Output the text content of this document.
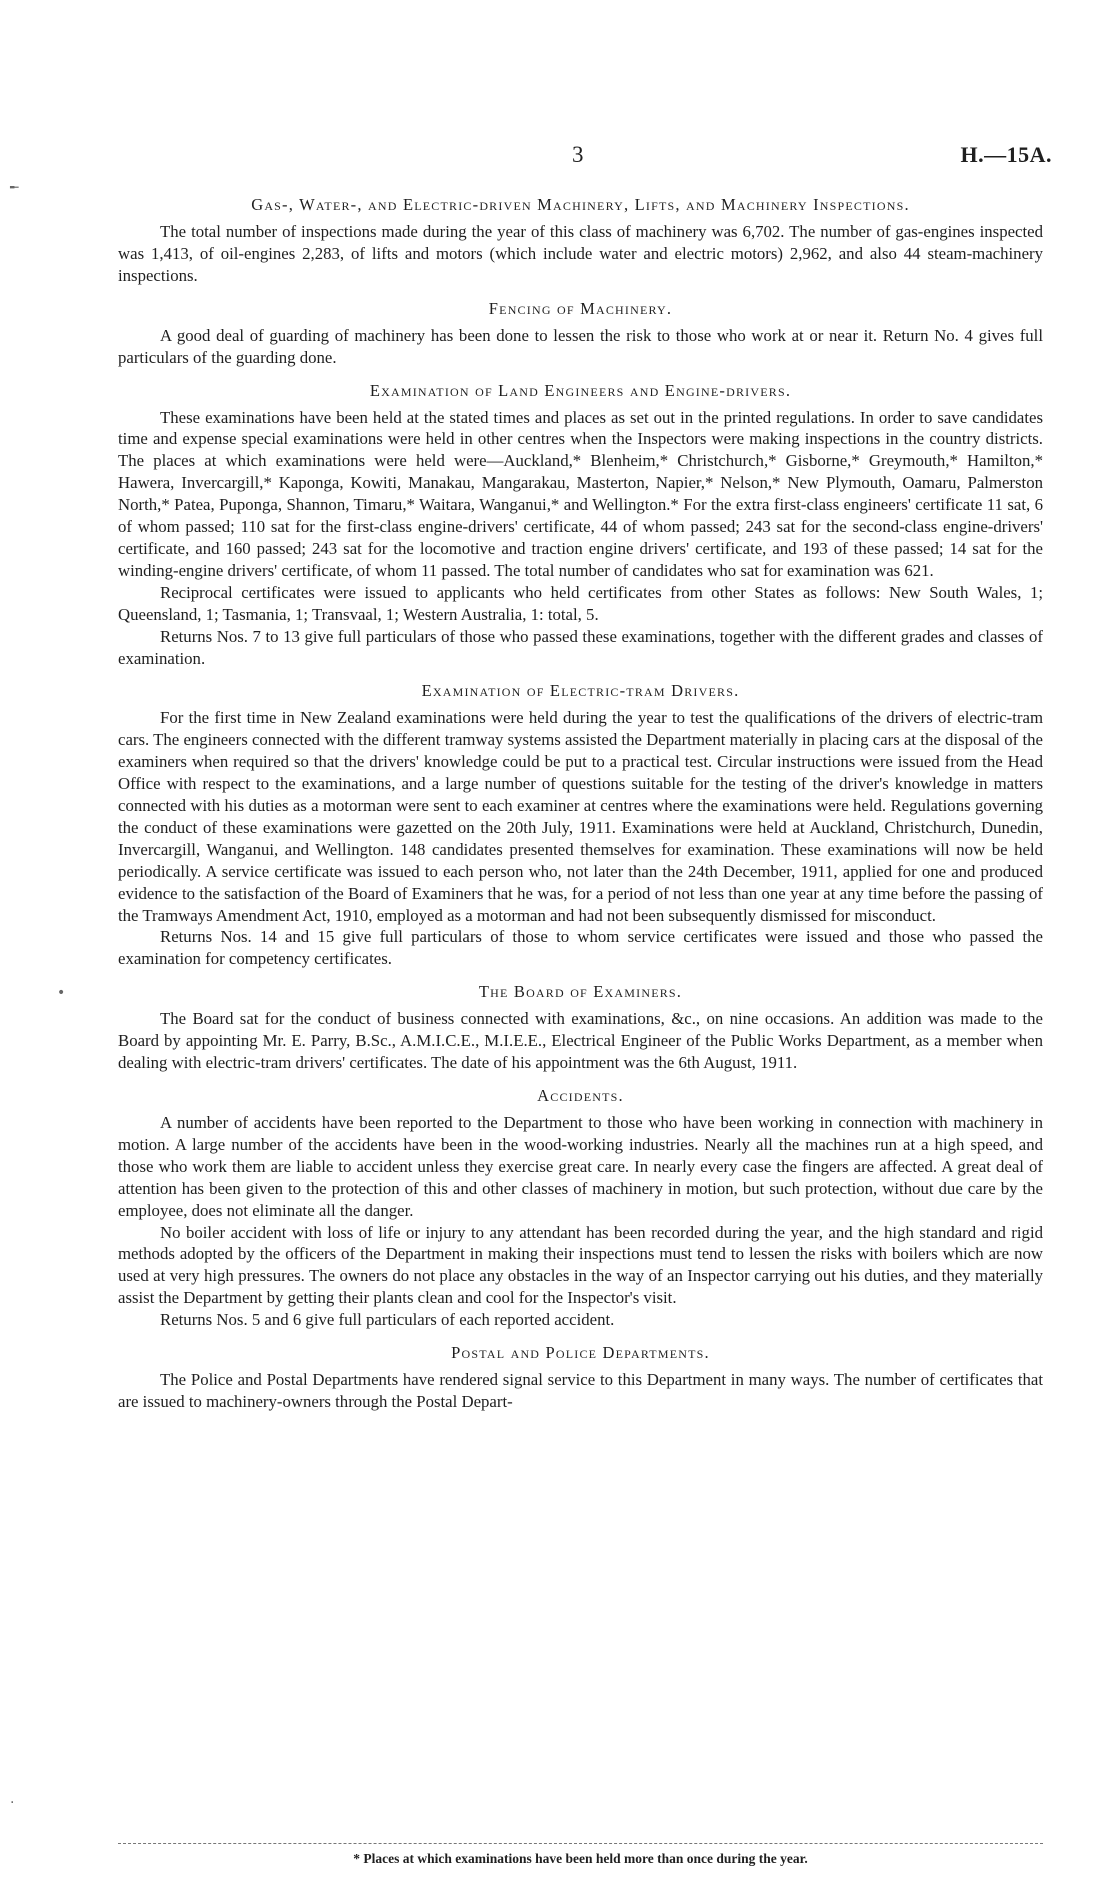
╾
•
·
3	H.—15A.
Gas-, Water-, and Electric-driven Machinery, Lifts, and Machinery Inspections.

The total number of inspections made during the year of this class of machinery was 6,702. The number of gas-engines inspected was 1,413, of oil-engines 2,283, of lifts and motors (which include water and electric motors) 2,962, and also 44 steam-machinery inspections.

Fencing of Machinery.

A good deal of guarding of machinery has been done to lessen the risk to those who work at or near it. Return No. 4 gives full particulars of the guarding done.

Examination of Land Engineers and Engine-drivers.

These examinations have been held at the stated times and places as set out in the printed regulations. In order to save candidates time and expense special examinations were held in other centres when the Inspectors were making inspections in the country districts. The places at which examinations were held were—Auckland,* Blenheim,* Christchurch,* Gisborne,* Greymouth,* Hamilton,* Hawera, Invercargill,* Kaponga, Kowiti, Manakau, Mangarakau, Masterton, Napier,* Nelson,* New Plymouth, Oamaru, Palmerston North,* Patea, Puponga, Shannon, Timaru,* Waitara, Wanganui,* and Wellington.* For the extra first-class engineers' certificate 11 sat, 6 of whom passed; 110 sat for the first-class engine-drivers' certificate, 44 of whom passed; 243 sat for the second-class engine-drivers' certificate, and 160 passed; 243 sat for the locomotive and traction engine drivers' certificate, and 193 of these passed; 14 sat for the winding-engine drivers' certificate, of whom 11 passed. The total number of candidates who sat for examination was 621.

Reciprocal certificates were issued to applicants who held certificates from other States as follows: New South Wales, 1; Queensland, 1; Tasmania, 1; Transvaal, 1; Western Australia, 1: total, 5.

Returns Nos. 7 to 13 give full particulars of those who passed these examinations, together with the different grades and classes of examination.

Examination of Electric-tram Drivers.

For the first time in New Zealand examinations were held during the year to test the qualifications of the drivers of electric-tram cars. The engineers connected with the different tramway systems assisted the Department materially in placing cars at the disposal of the examiners when required so that the drivers' knowledge could be put to a practical test. Circular instructions were issued from the Head Office with respect to the examinations, and a large number of questions suitable for the testing of the driver's knowledge in matters connected with his duties as a motorman were sent to each examiner at centres where the examinations were held. Regulations governing the conduct of these examinations were gazetted on the 20th July, 1911. Examinations were held at Auckland, Christchurch, Dunedin, Invercargill, Wanganui, and Wellington. 148 candidates presented themselves for examination. These examinations will now be held periodically. A service certificate was issued to each person who, not later than the 24th December, 1911, applied for one and produced evidence to the satisfaction of the Board of Examiners that he was, for a period of not less than one year at any time before the passing of the Tramways Amendment Act, 1910, employed as a motorman and had not been subsequently dismissed for misconduct.

Returns Nos. 14 and 15 give full particulars of those to whom service certificates were issued and those who passed the examination for competency certificates.

The Board of Examiners.

The Board sat for the conduct of business connected with examinations, &c., on nine occasions. An addition was made to the Board by appointing Mr. E. Parry, B.Sc., A.M.I.C.E., M.I.E.E., Electrical Engineer of the Public Works Department, as a member when dealing with electric-tram drivers' certificates. The date of his appointment was the 6th August, 1911.

Accidents.

A number of accidents have been reported to the Department to those who have been working in connection with machinery in motion. A large number of the accidents have been in the wood-working industries. Nearly all the machines run at a high speed, and those who work them are liable to accident unless they exercise great care. In nearly every case the fingers are affected. A great deal of attention has been given to the protection of this and other classes of machinery in motion, but such protection, without due care by the employee, does not eliminate all the danger.

No boiler accident with loss of life or injury to any attendant has been recorded during the year, and the high standard and rigid methods adopted by the officers of the Department in making their inspections must tend to lessen the risks with boilers which are now used at very high pressures. The owners do not place any obstacles in the way of an Inspector carrying out his duties, and they materially assist the Department by getting their plants clean and cool for the Inspector's visit.

Returns Nos. 5 and 6 give full particulars of each reported accident.

Postal and Police Departments.

The Police and Postal Departments have rendered signal service to this Department in many ways. The number of certificates that are issued to machinery-owners through the Postal Depart-

* Places at which examinations have been held more than once during the year.
